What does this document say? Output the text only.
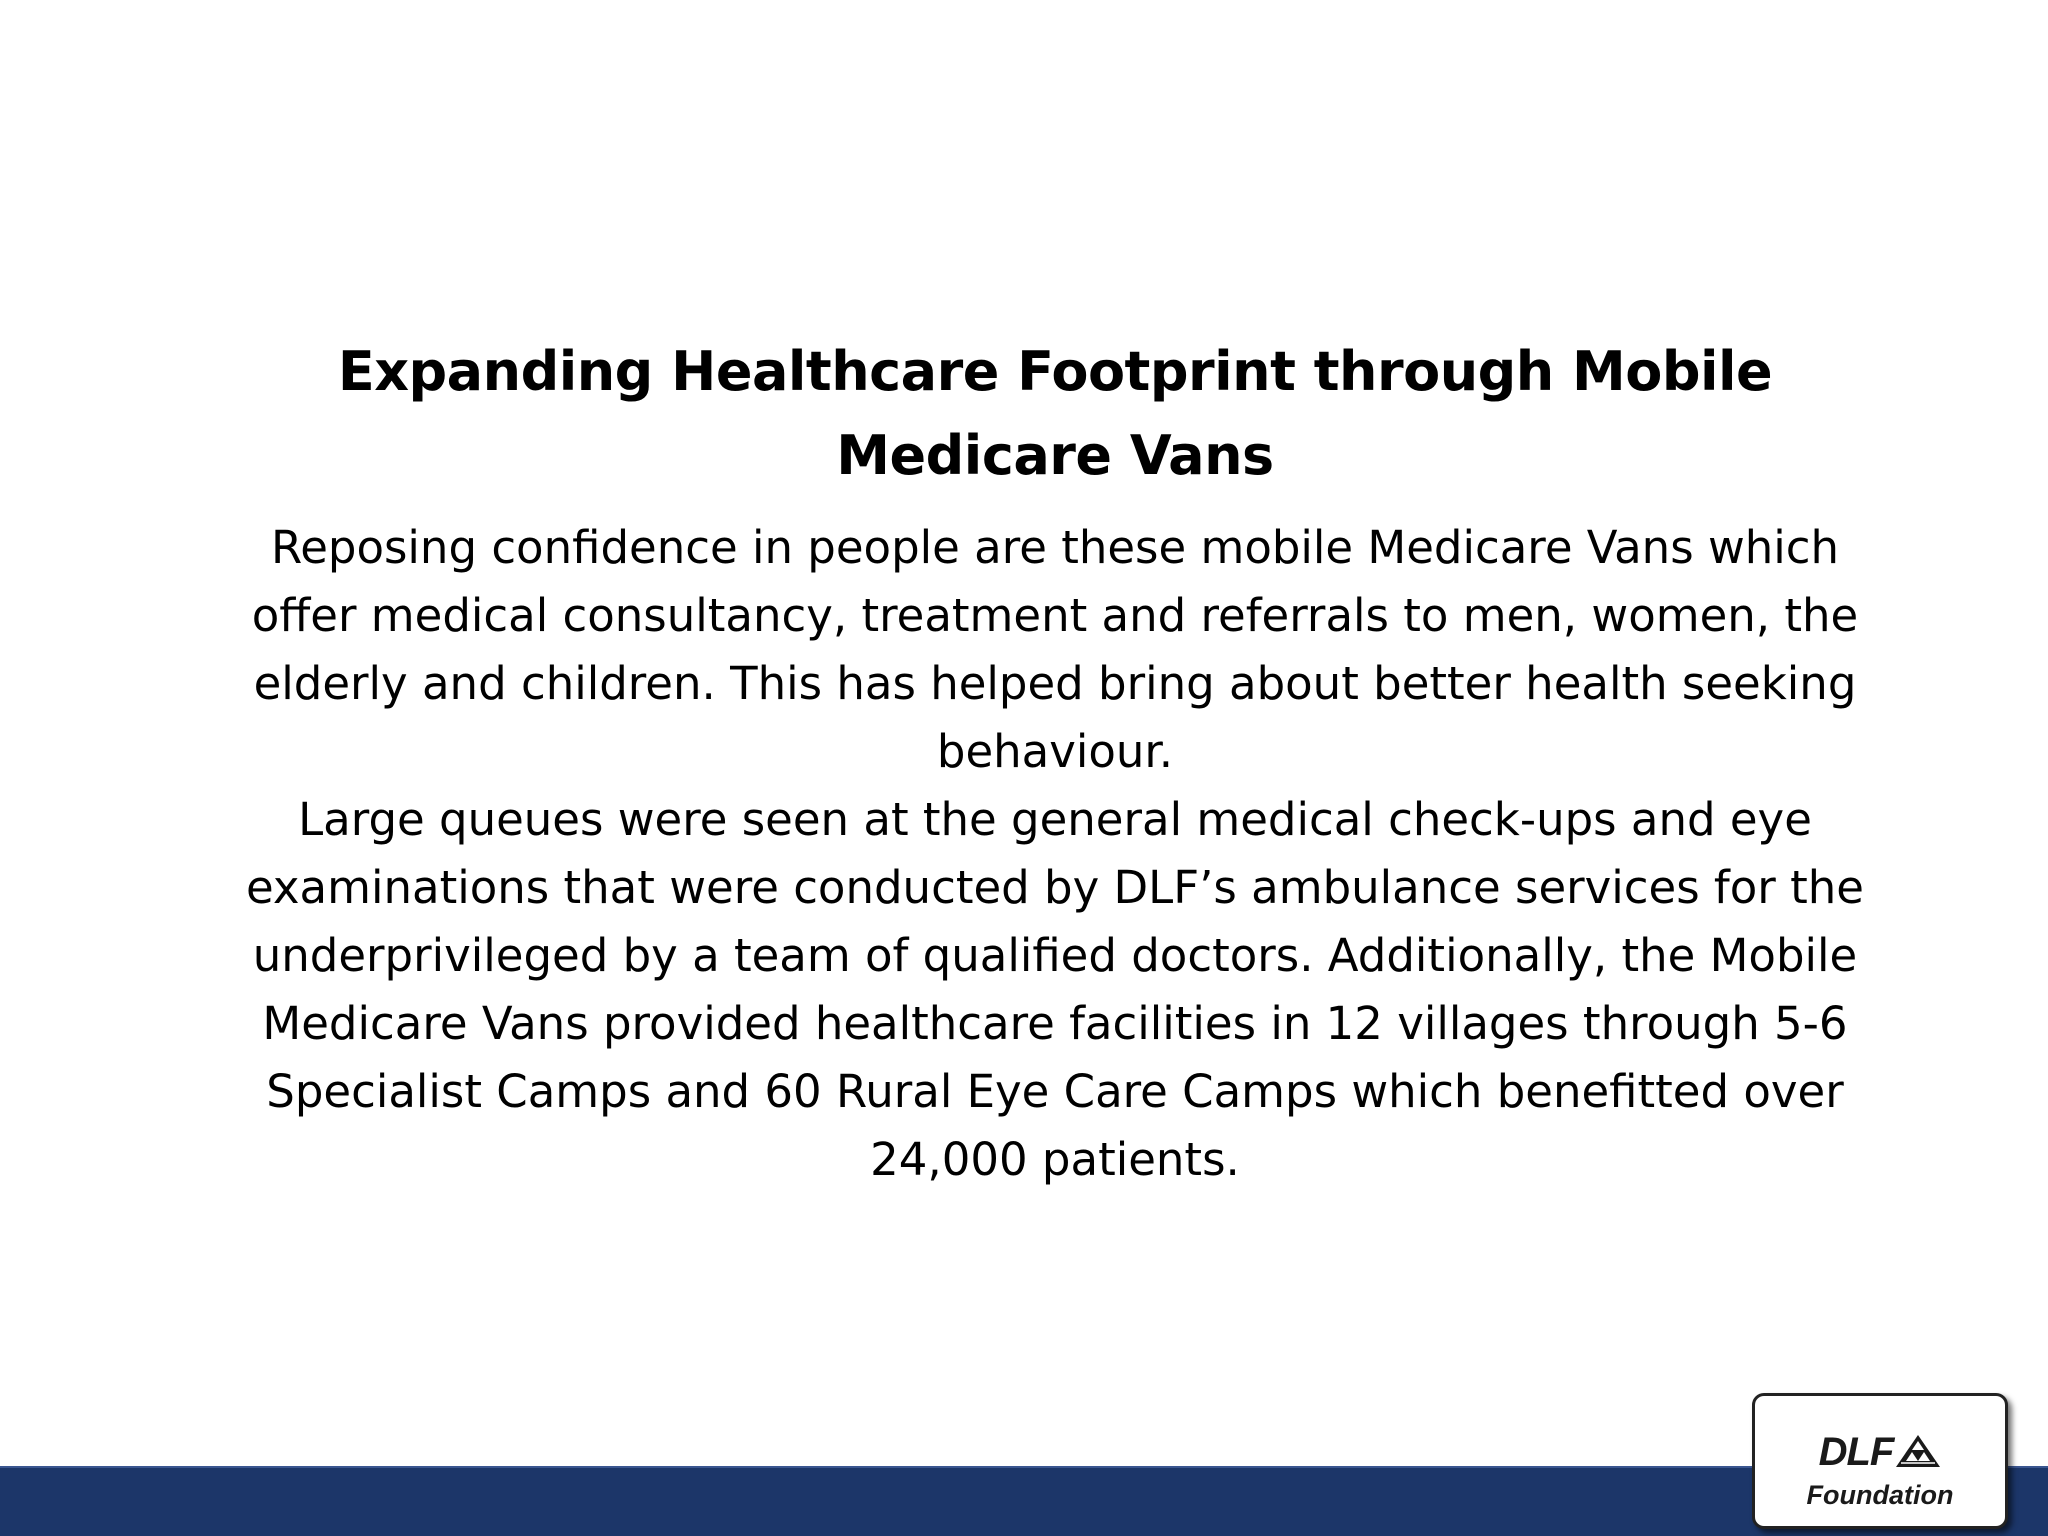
Expanding Healthcare Footprint through Mobile
Medicare Vans

Reposing confidence in people are these mobile Medicare Vans which offer medical consultancy, treatment and referrals to men, women, the elderly and children. This has helped bring about better health seeking behaviour.

Large queues were seen at the general medical check-ups and eye examinations that were conducted by DLF’s ambulance services for the underprivileged by a team of qualified doctors. Additionally, the Mobile Medicare Vans provided healthcare facilities in 12 villages through 5-6 Specialist Camps and 60 Rural Eye Care Camps which benefitted over 24,000 patients.

DLF
Foundation
